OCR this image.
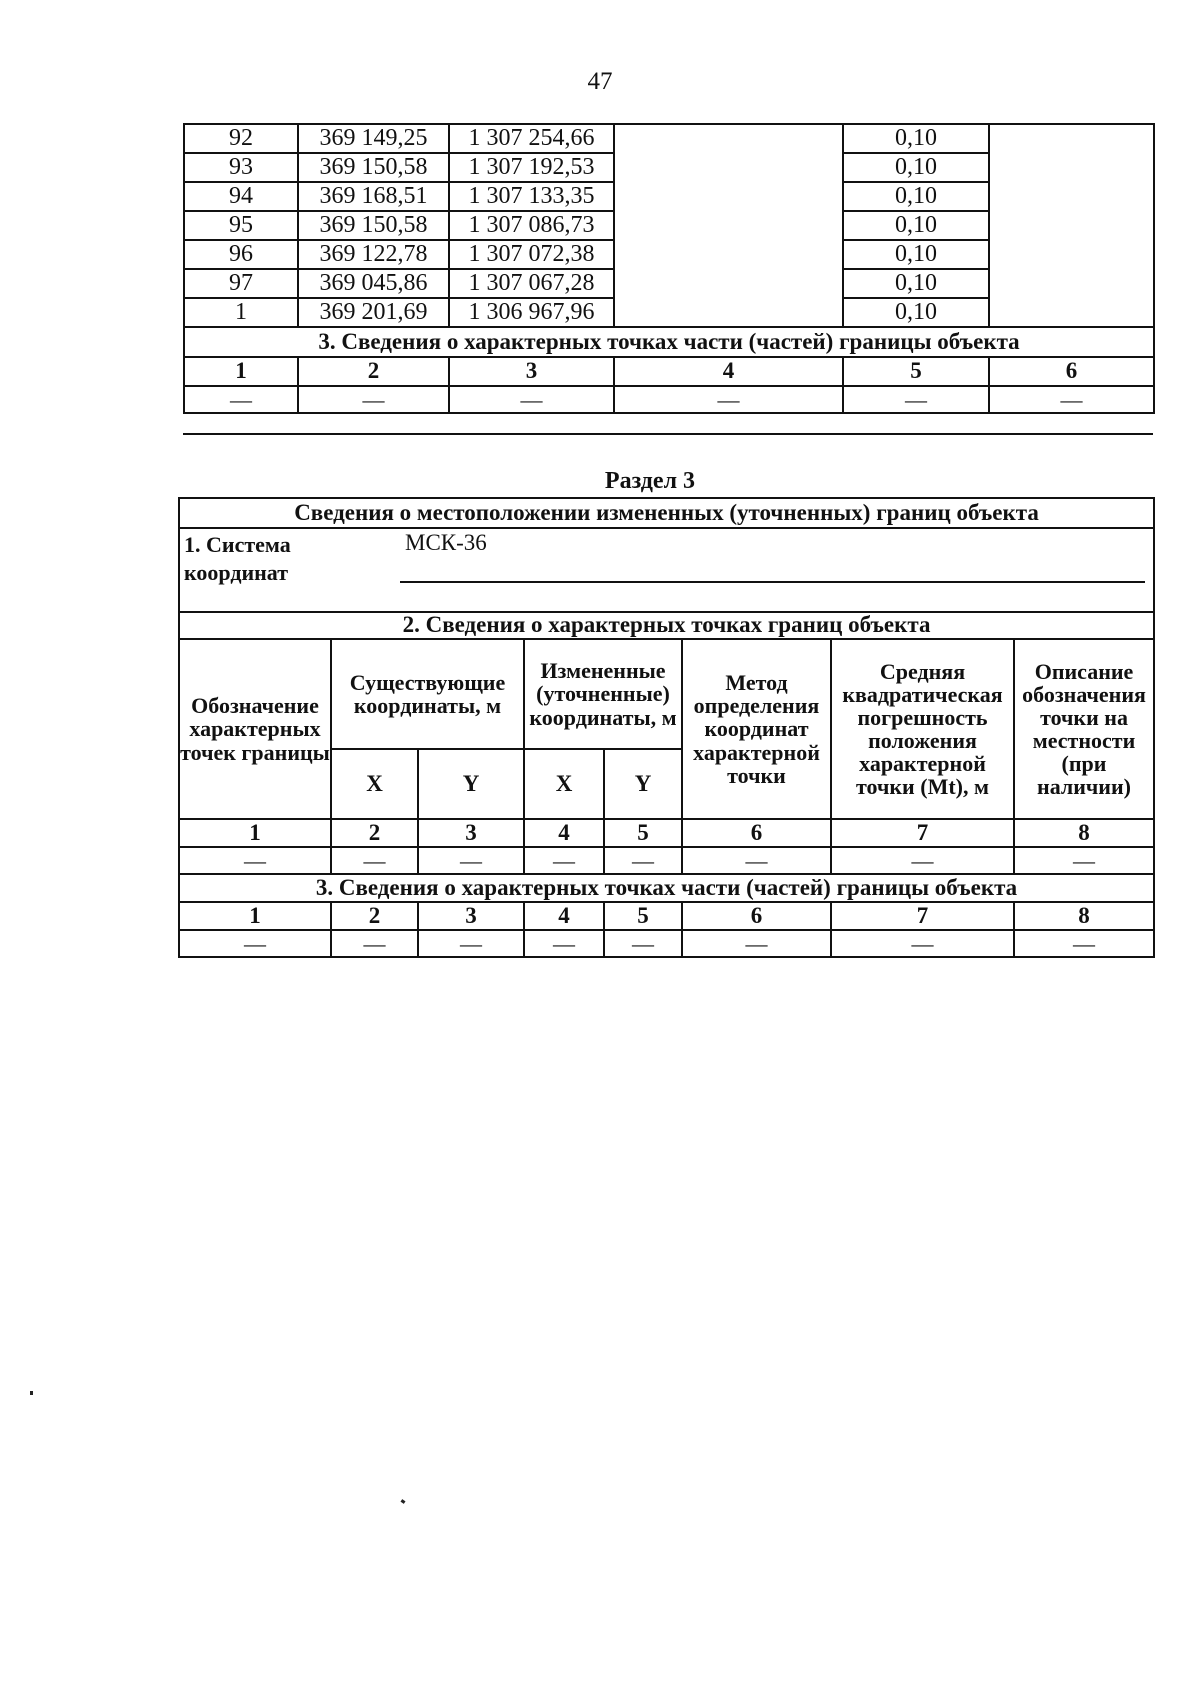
47
92	369 149,25	1 307 254,66		0,10	
93	369 150,58	1 307 192,53		0,10	
94	369 168,51	1 307 133,35		0,10	
95	369 150,58	1 307 086,73		0,10	
96	369 122,78	1 307 072,38		0,10	
97	369 045,86	1 307 067,28		0,10	
1	369 201,69	1 306 967,96		0,10	
3. Сведения о характерных точках части (частей) границы объекта					
1	2	3	4	5	6
—	—	—	—	—	—
Раздел 3
Сведения о местоположении измененных (уточненных) границ объекта							

1. Система координат
МСК-36							

2. Сведения о характерных точках границ объекта							
Обозначение характерных точек границы	Существующие координаты, м		Измененные (уточненные) координаты, м		Метод определения координат характерной точки	Средняя квадратическая погрешность положения характерной точки (Mt), м	Описание обозначения точки на местности (при наличии)
	X	Y	X	Y			
1	2	3	4	5	6	7	8
—	—	—	—	—	—	—	—
3. Сведения о характерных точках части (частей) границы объекта							
1	2	3	4	5	6	7	8
—	—	—	—	—	—	—	—
